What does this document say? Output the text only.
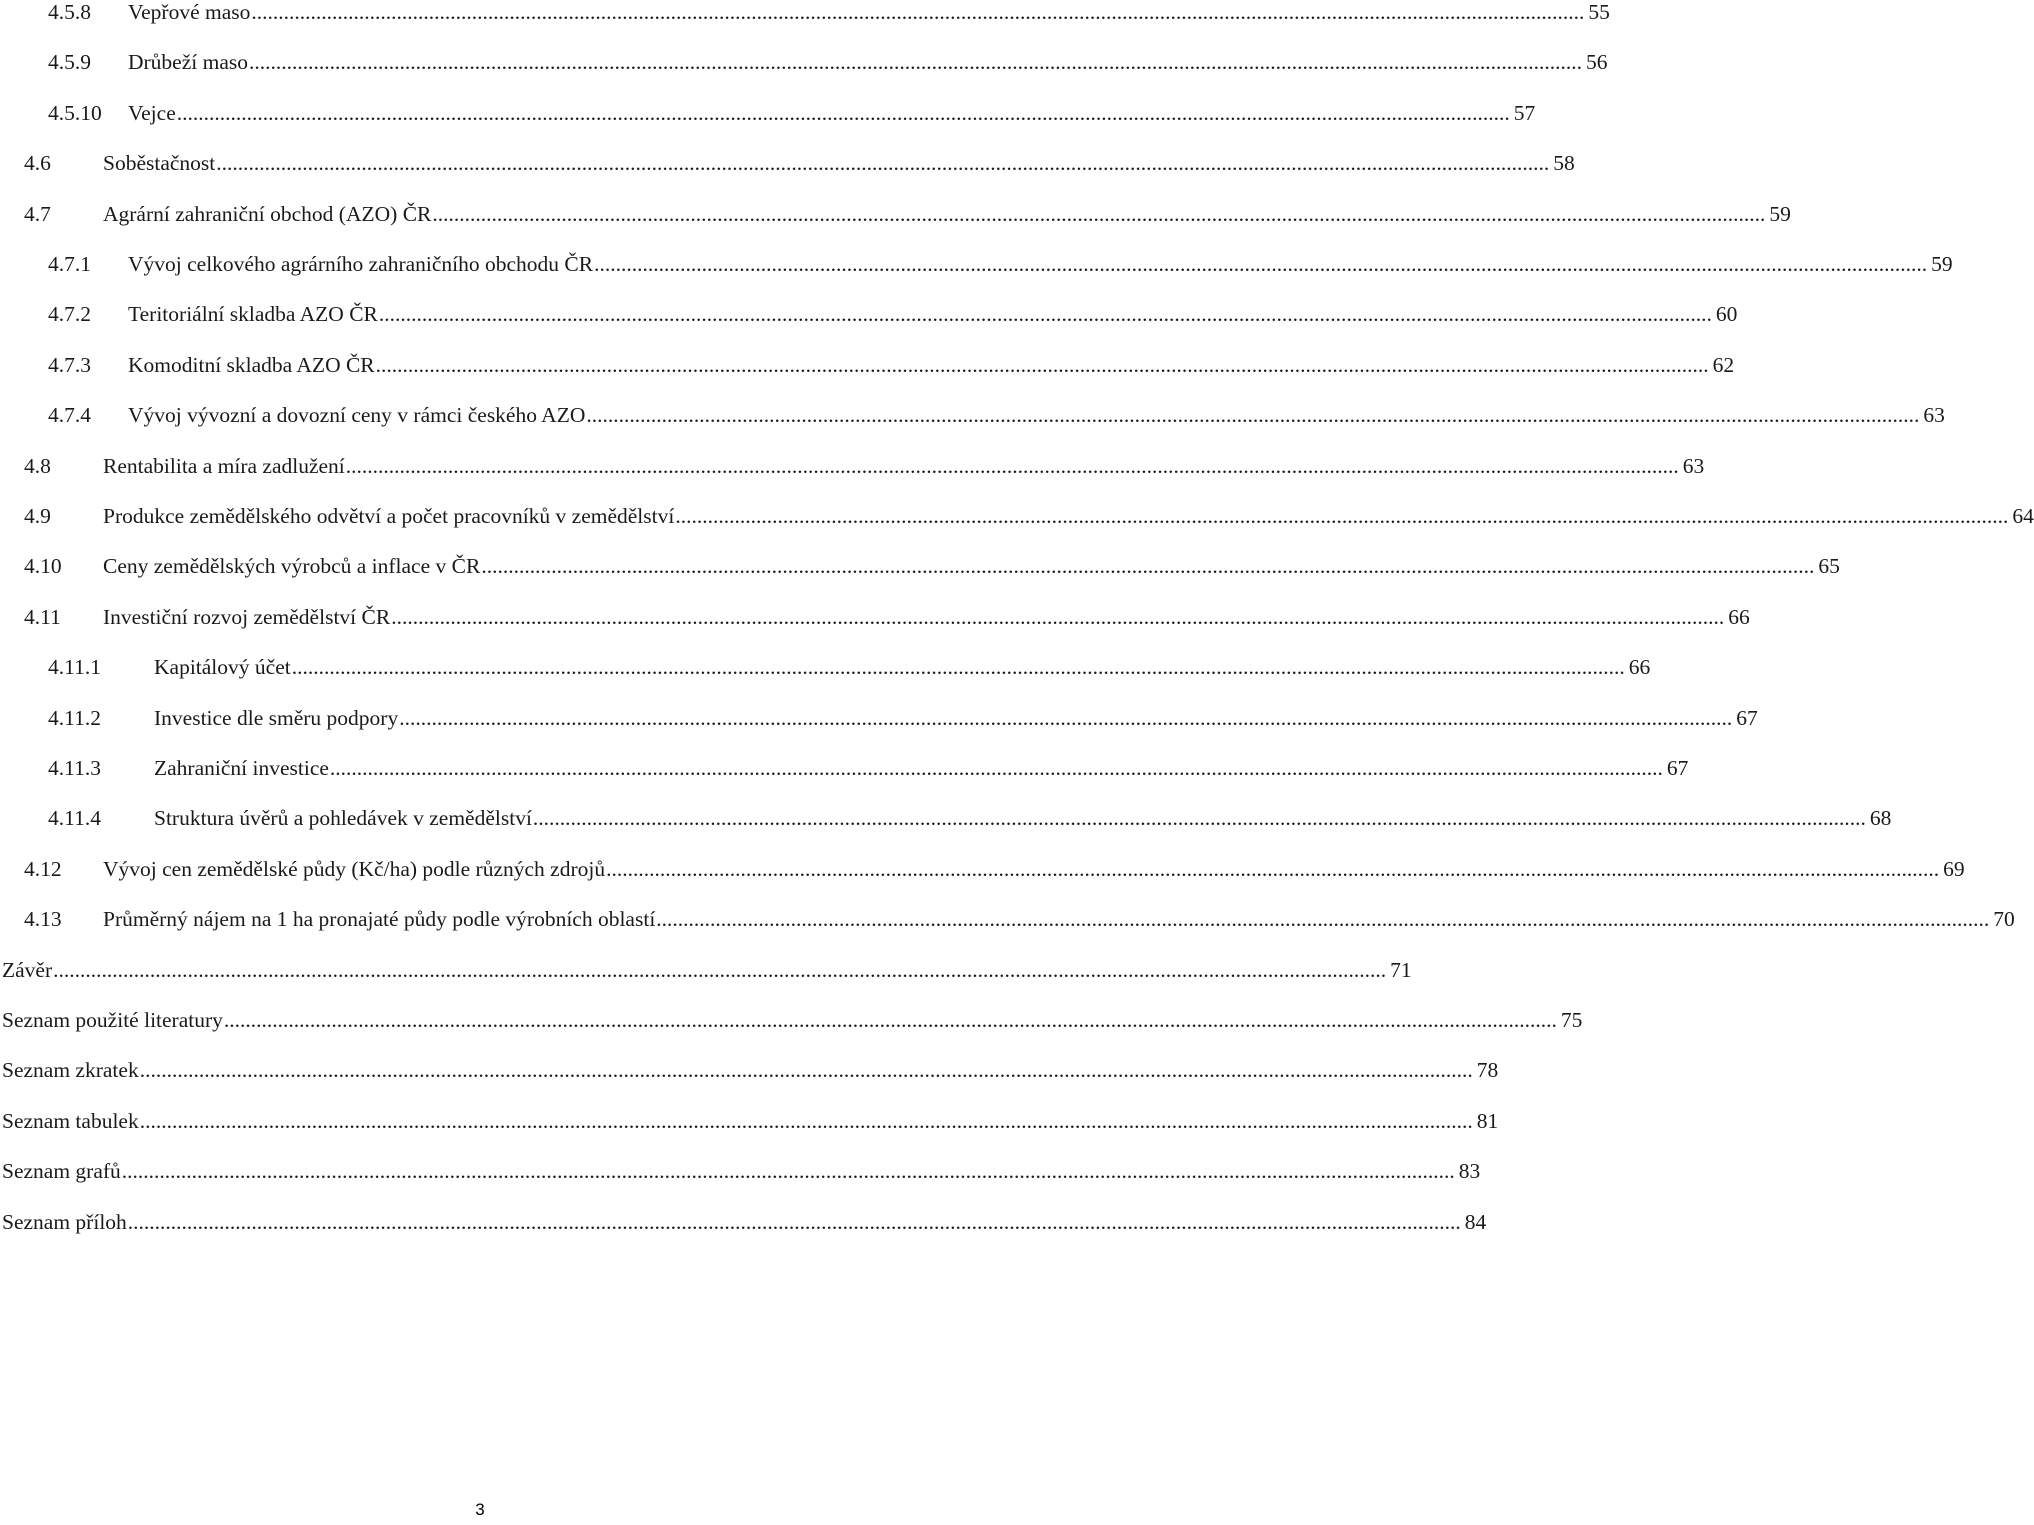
4.5.8	Vepřové maso .....	55
4.5.9	Drůbeží maso .....	56
4.5.10	Vejce .....	57
4.6	Soběstačnost .....	58
4.7	Agrární zahraniční obchod (AZO) ČR .....	59
4.7.1	Vývoj celkového agrárního zahraničního obchodu ČR .....	59
4.7.2	Teritoriální skladba AZO ČR .....	60
4.7.3	Komoditní skladba AZO ČR .....	62
4.7.4	Vývoj vývozní a dovozní ceny v rámci českého AZO .....	63
4.8	Rentabilita a míra zadlužení .....	63
4.9	Produkce zemědělského odvětví a počet pracovníků v zemědělství .....	64
4.10	Ceny zemědělských výrobců a inflace v ČR .....	65
4.11	Investiční rozvoj zemědělství ČR .....	66
4.11.1	Kapitálový účet .....	66
4.11.2	Investice dle směru podpory .....	67
4.11.3	Zahraniční investice .....	67
4.11.4	Struktura úvěrů a pohledávek v zemědělství .....	68
4.12	Vývoj cen zemědělské půdy (Kč/ha) podle různých zdrojů .....	69
4.13	Průměrný nájem na 1 ha pronajaté půdy podle výrobních oblastí .....	70
Závěr .....	71
Seznam použité literatury .....	75
Seznam zkratek .....	78
Seznam tabulek .....	81
Seznam grafů .....	83
Seznam příloh .....	84
3
